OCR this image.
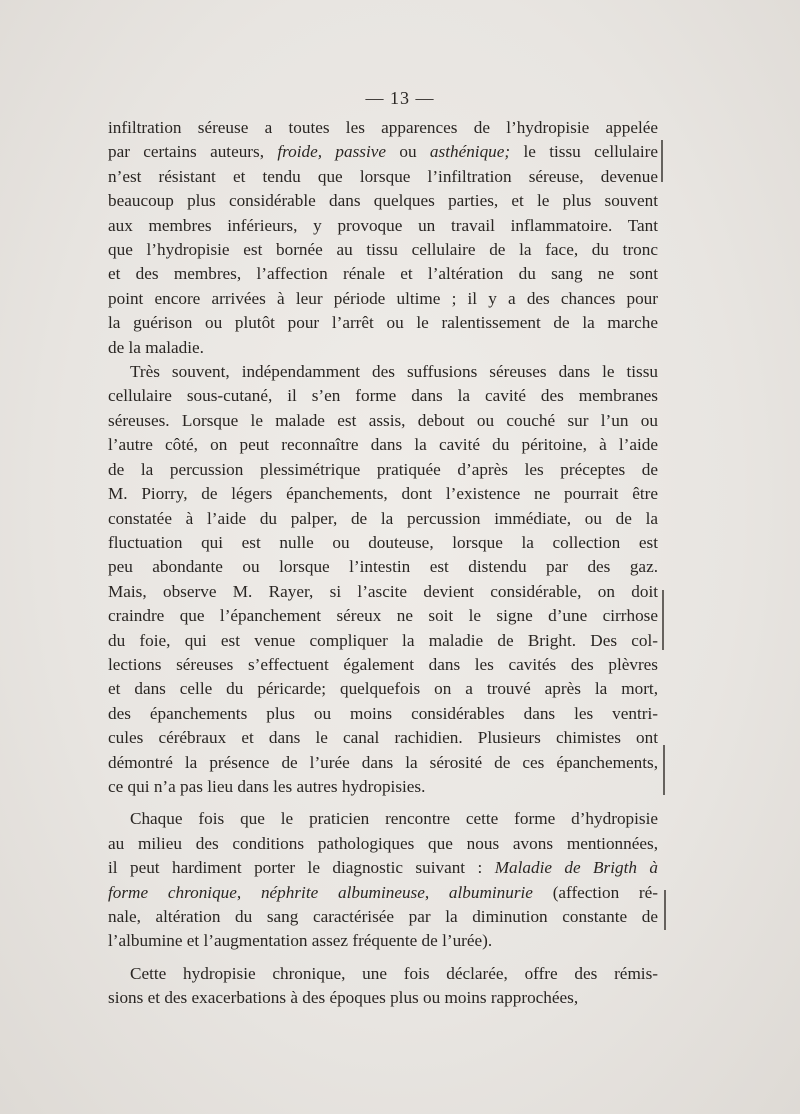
— 13 —

infiltration séreuse a toutes les apparences de l’hydropisie appelée
par certains auteurs, froide, passive ou asthénique; le tissu cellulaire
n’est résistant et tendu que lorsque l’infiltration séreuse, devenue
beaucoup plus considérable dans quelques parties, et le plus souvent
aux membres inférieurs, y provoque un travail inflammatoire. Tant
que l’hydropisie est bornée au tissu cellulaire de la face, du tronc
et des membres, l’affection rénale et l’altération du sang ne sont
point encore arrivées à leur période ultime ; il y a des chances pour
la guérison ou plutôt pour l’arrêt ou le ralentissement de la marche
de la maladie.

Très souvent, indépendamment des suffusions séreuses dans le tissu
cellulaire sous-cutané, il s’en forme dans la cavité des membranes
séreuses. Lorsque le malade est assis, debout ou couché sur l’un ou
l’autre côté, on peut reconnaître dans la cavité du péritoine, à l’aide
de la percussion plessimétrique pratiquée d’après les préceptes de
M. Piorry, de légers épanchements, dont l’existence ne pourrait être
constatée à l’aide du palper, de la percussion immédiate, ou de la
fluctuation qui est nulle ou douteuse, lorsque la collection est
peu abondante ou lorsque l’intestin est distendu par des gaz.
Mais, observe M. Rayer, si l’ascite devient considérable, on doit
craindre que l’épanchement séreux ne soit le signe d’une cirrhose
du foie, qui est venue compliquer la maladie de Bright. Des col-
lections séreuses s’effectuent également dans les cavités des plèvres
et dans celle du péricarde; quelquefois on a trouvé après la mort,
des épanchements plus ou moins considérables dans les ventri-
cules cérébraux et dans le canal rachidien. Plusieurs chimistes ont
démontré la présence de l’urée dans la sérosité de ces épanchements,
ce qui n’a pas lieu dans les autres hydropisies.

Chaque fois que le praticien rencontre cette forme d’hydropisie
au milieu des conditions pathologiques que nous avons mentionnées,
il peut hardiment porter le diagnostic suivant : Maladie de Brigth à
forme chronique, néphrite albumineuse, albuminurie (affection ré-
nale, altération du sang caractérisée par la diminution constante de
l’albumine et l’augmentation assez fréquente de l’urée).

Cette hydropisie chronique, une fois déclarée, offre des rémis-
sions et des exacerbations à des époques plus ou moins rapprochées,
